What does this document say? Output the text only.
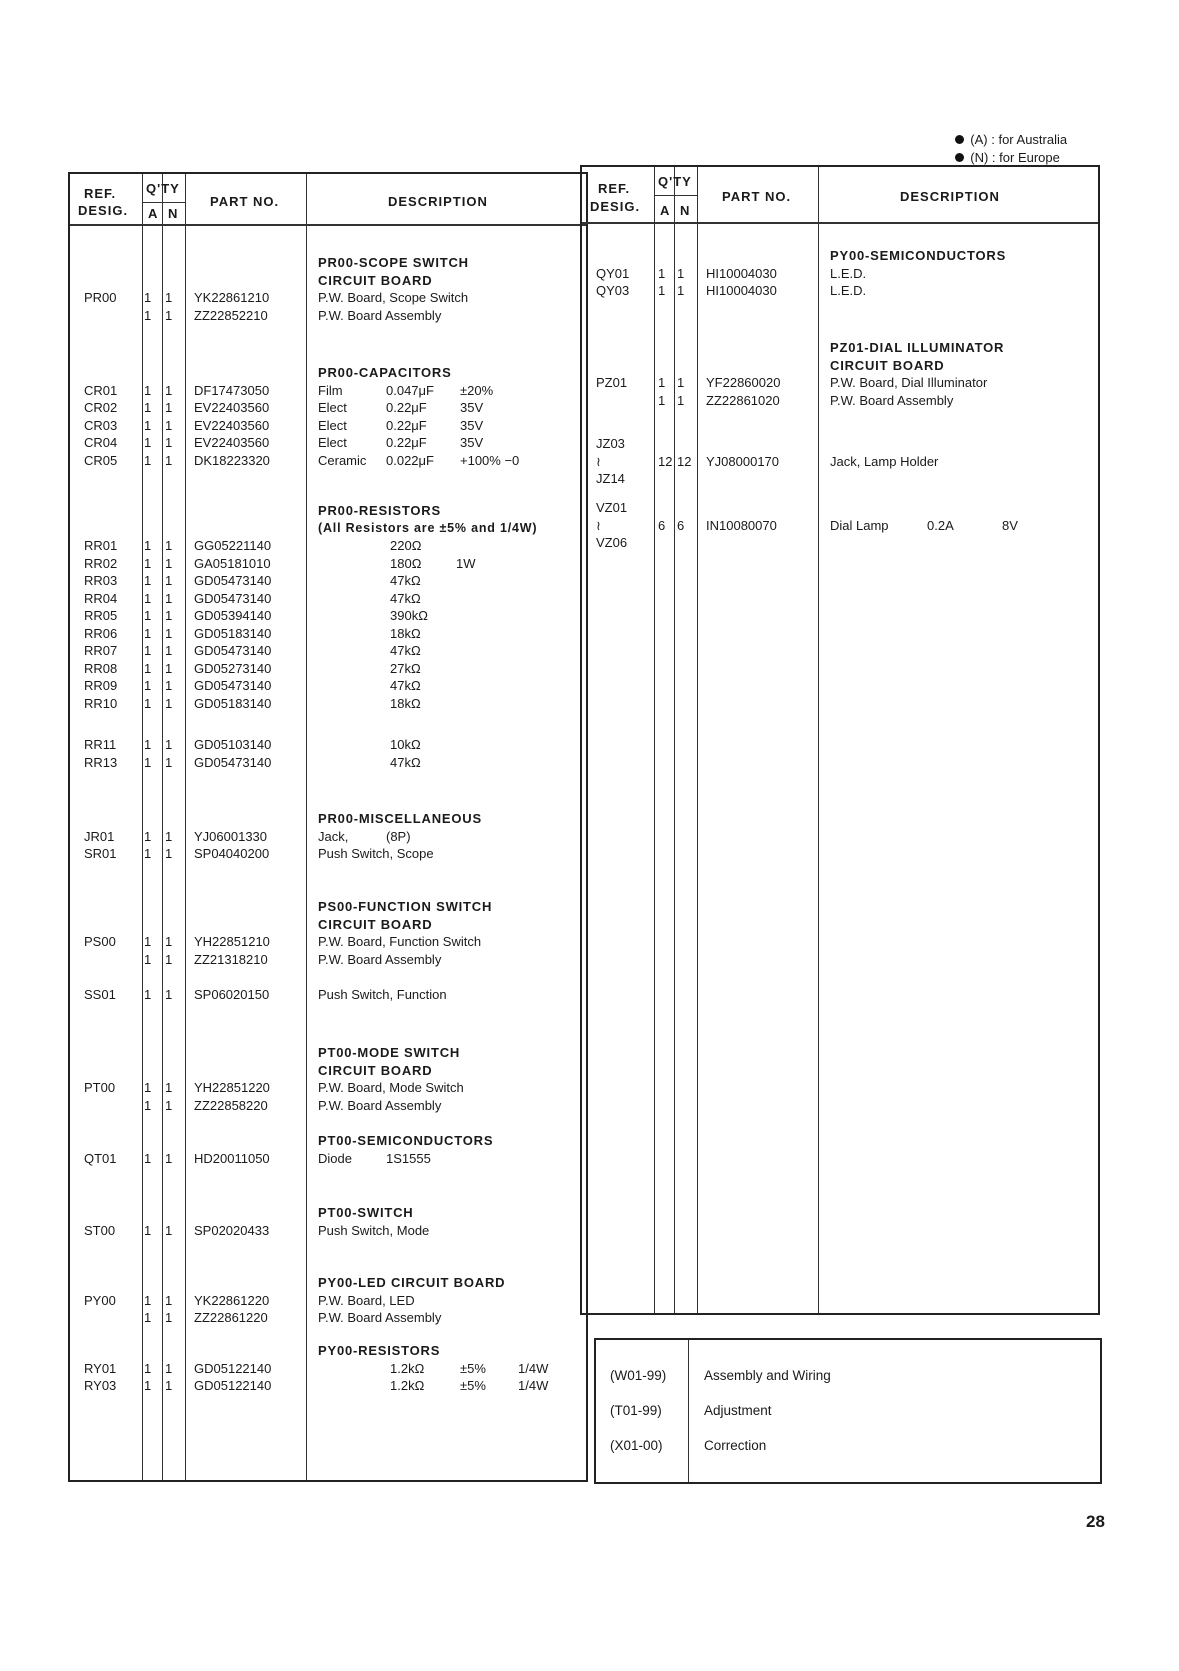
(A) : for Australia

(N) : for Europe

REF.
DESIG.
Q'TY
A N
PART NO.	DESCRIPTION
PR00-SCOPE SWITCH
CIRCUIT BOARD
PR00 1 1 YK22861210	P.W. Board, Scope Switch
1 1 ZZ22852210	P.W. Board Assembly
PR00-CAPACITORS
CR01 1 1 DF17473050	Film	0.047μF ±20%
CR02 1 1 EV22403560	Elect	0.22μF	35V
CR03 1 1 EV22403560	Elect	0.22μF	35V
CR04 1 1 EV22403560	Elect	0.22μF	35V
CR05 1 1 DK18223320	Ceramic 0.022μF +100% −0
PR00-RESISTORS
(All Resistors are ±5% and 1/4W)
RR01 1 1 GG05221140	220Ω
RR02 1 1 GA05181010	180Ω	1W
RR03 1 1 GD05473140	47kΩ
RR04 1 1 GD05473140	47kΩ
RR05 1 1 GD05394140	390kΩ
RR06 1 1 GD05183140	18kΩ
RR07 1 1 GD05473140	47kΩ
RR08 1 1 GD05273140	27kΩ
RR09 1 1 GD05473140	47kΩ
RR10 1 1 GD05183140	18kΩ
RR11 1 1 GD05103140	10kΩ
RR13 1 1 GD05473140	47kΩ
PR00-MISCELLANEOUS
JR01 1 1 YJ06001330	Jack,	(8P)
SR01 1 1 SP04040200	Push Switch, Scope
PS00-FUNCTION SWITCH
CIRCUIT BOARD
PS00 1 1 YH22851210	P.W. Board, Function Switch
1 1 ZZ21318210	P.W. Board Assembly
SS01 1 1 SP06020150	Push Switch, Function
PT00-MODE SWITCH
CIRCUIT BOARD
PT00 1 1 YH22851220	P.W. Board, Mode Switch
1 1 ZZ22858220	P.W. Board Assembly
PT00-SEMICONDUCTORS
QT01 1 1 HD20011050	Diode	1S1555
PT00-SWITCH
ST00 1 1 SP02020433	Push Switch, Mode
PY00-LED CIRCUIT BOARD
PY00 1 1 YK22861220	P.W. Board, LED
1 1 ZZ22861220	P.W. Board Assembly
PY00-RESISTORS
RY01 1 1 GD05122140	1.2kΩ	±5% 1/4W
RY03 1 1 GD05122140	1.2kΩ	±5% 1/4W
REF.
DESIG.
Q'TY
A N
PART NO.	DESCRIPTION
PY00-SEMICONDUCTORS
QY01 1 1 HI10004030	L.E.D.
QY03 1 1 HI10004030	L.E.D.
PZ01-DIAL ILLUMINATOR
CIRCUIT BOARD
PZ01 1 1 YF22860020	P.W. Board, Dial Illuminator
1 1 ZZ22861020	P.W. Board Assembly
JZ03
≀	12 12 YJ08000170	Jack, Lamp Holder
JZ14
VZ01
≀	6 6 IN10080070	Dial Lamp	0.2A	8V
VZ06
(W01-99)	Assembly and Wiring
(T01-99)	Adjustment
(X01-00)	Correction
28
